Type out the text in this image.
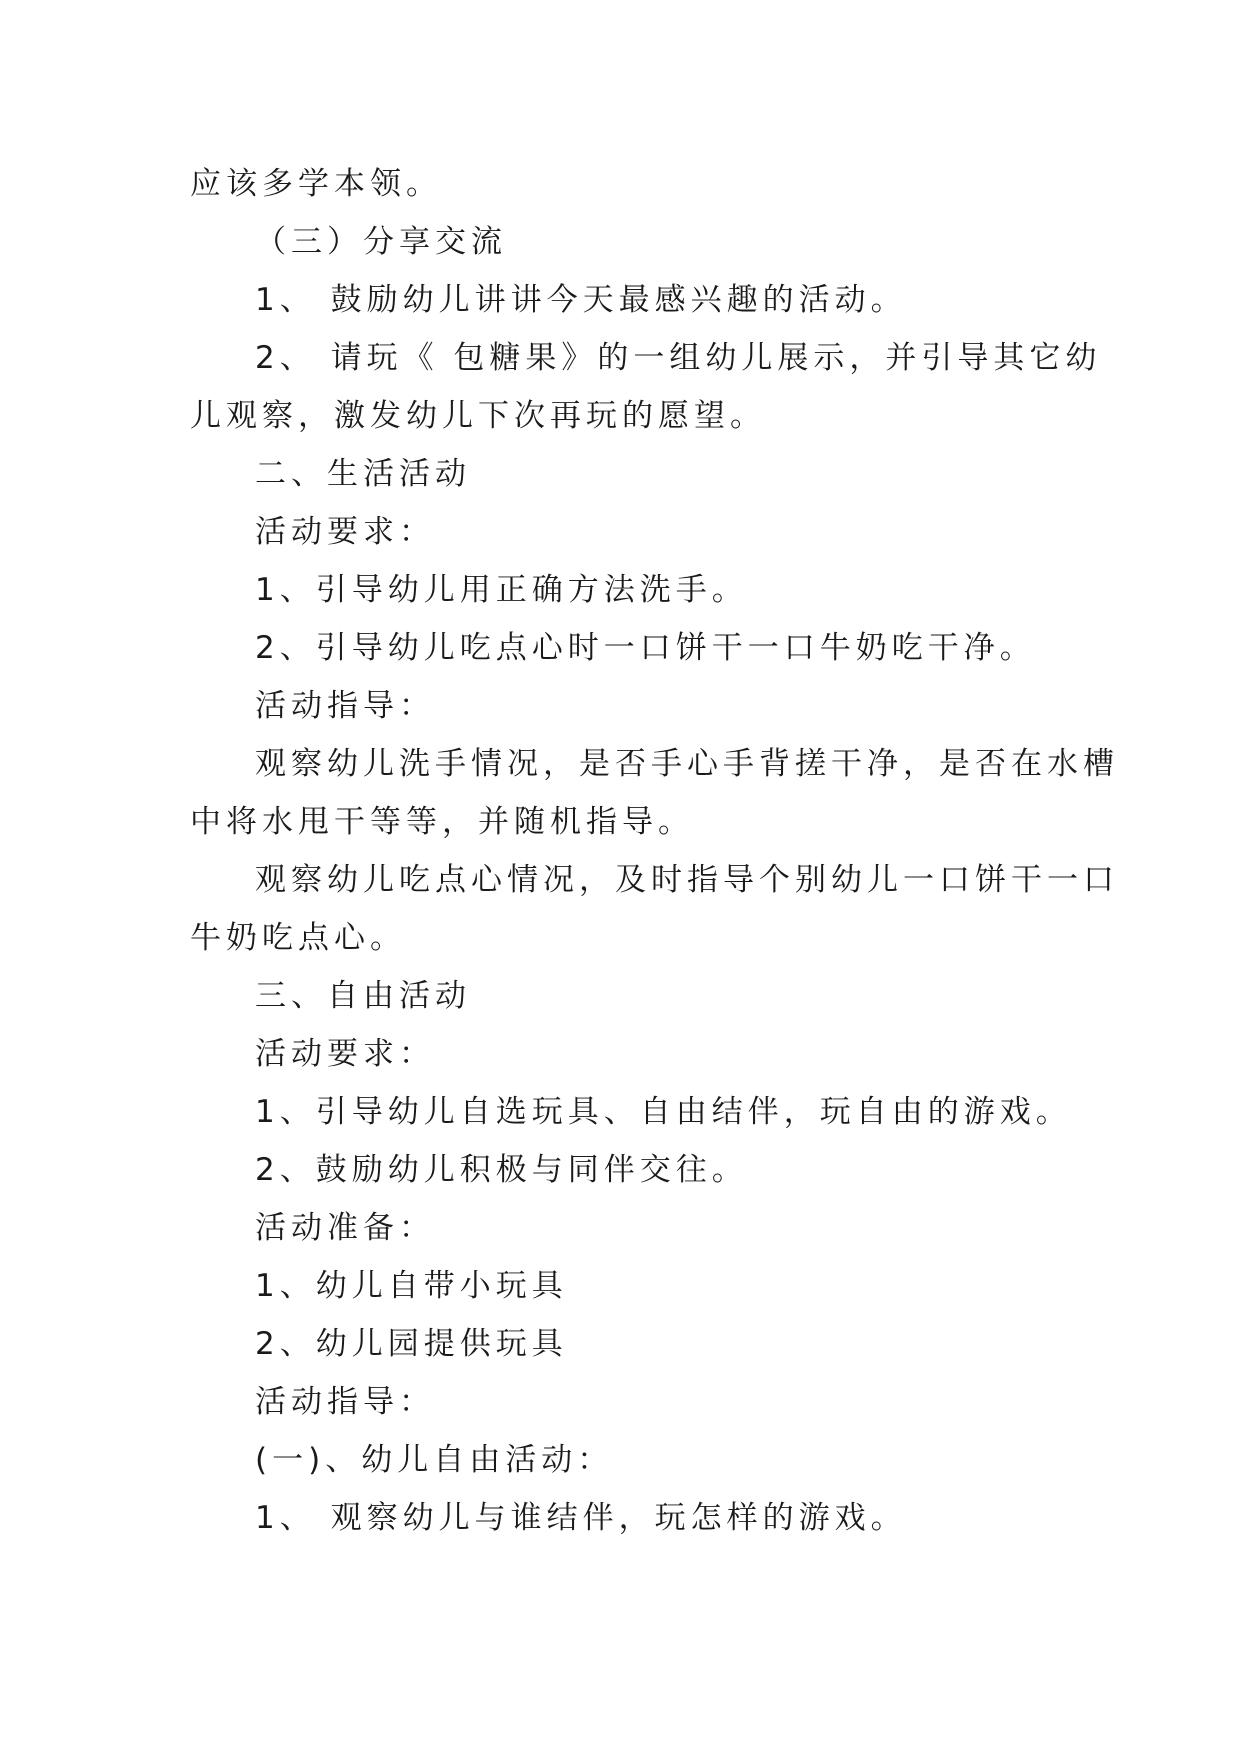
应该多学本领。
（三）分享交流
1、 鼓励幼儿讲讲今天最感兴趣的活动。
2、 请玩《 包糖果》的一组幼儿展示，并引导其它幼
儿观察，激发幼儿下次再玩的愿望。
二、生活活动
活动要求：
1、引导幼儿用正确方法洗手。
2、引导幼儿吃点心时一口饼干一口牛奶吃干净。
活动指导：
观察幼儿洗手情况，是否手心手背搓干净，是否在水槽
中将水甩干等等，并随机指导。
观察幼儿吃点心情况，及时指导个别幼儿一口饼干一口
牛奶吃点心。
三、自由活动
活动要求：
1、引导幼儿自选玩具、自由结伴，玩自由的游戏。
2、鼓励幼儿积极与同伴交往。
活动准备：
1、幼儿自带小玩具
2、幼儿园提供玩具
活动指导：
(一)、幼儿自由活动：
1、 观察幼儿与谁结伴，玩怎样的游戏。
